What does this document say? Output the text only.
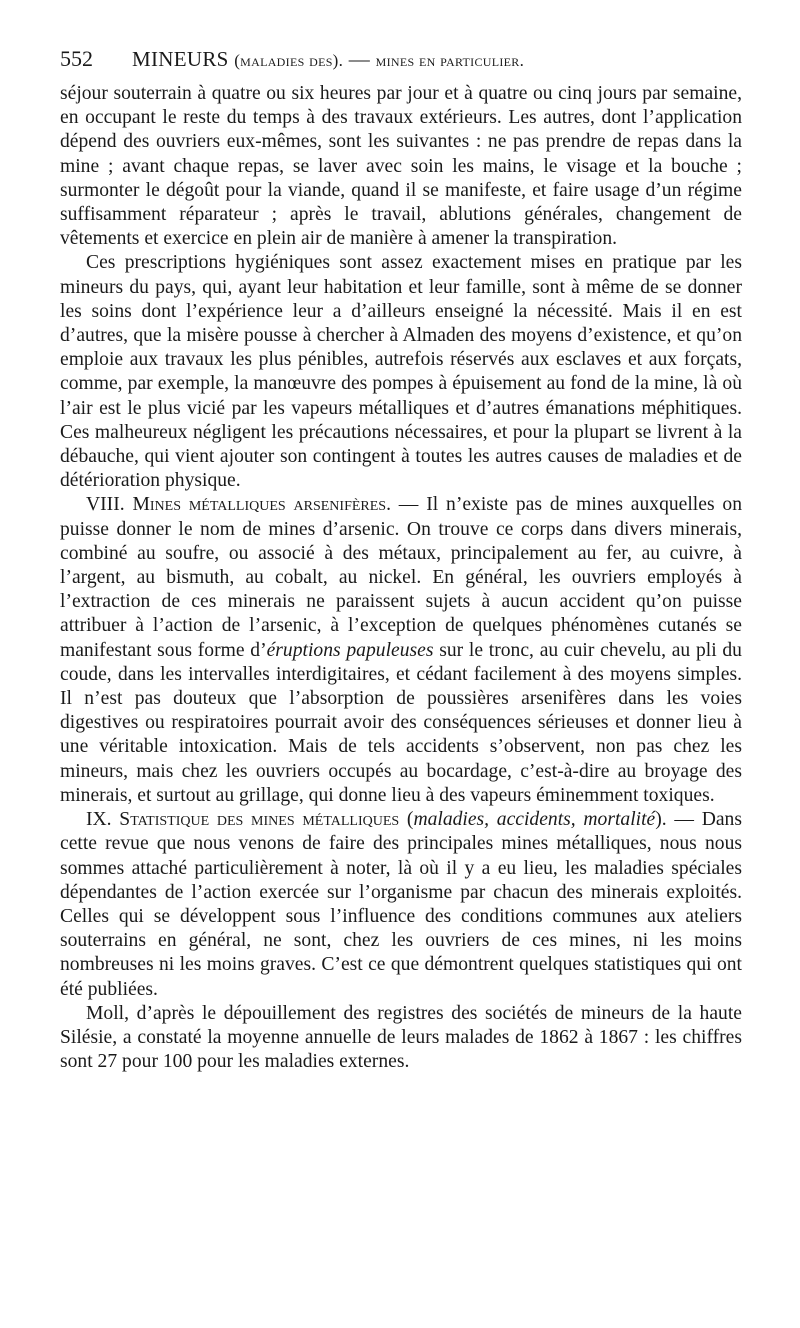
552	MINEURS (maladies des). — mines en particulier.

séjour souterrain à quatre ou six heures par jour et à quatre ou cinq jours par semaine, en occupant le reste du temps à des travaux extérieurs. Les autres, dont l’application dépend des ouvriers eux-mêmes, sont les suivantes : ne pas prendre de repas dans la mine ; avant chaque repas, se laver avec soin les mains, le visage et la bouche ; surmonter le dégoût pour la viande, quand il se manifeste, et faire usage d’un régime suffisamment réparateur ; après le travail, ablutions générales, changement de vêtements et exercice en plein air de manière à amener la transpiration.

Ces prescriptions hygiéniques sont assez exactement mises en pratique par les mineurs du pays, qui, ayant leur habitation et leur famille, sont à même de se donner les soins dont l’expérience leur a d’ailleurs enseigné la nécessité. Mais il en est d’autres, que la misère pousse à chercher à Almaden des moyens d’existence, et qu’on emploie aux travaux les plus pénibles, autrefois réservés aux esclaves et aux forçats, comme, par exemple, la manœuvre des pompes à épuisement au fond de la mine, là où l’air est le plus vicié par les vapeurs métalliques et d’autres émanations méphitiques. Ces malheureux négligent les précautions nécessaires, et pour la plupart se livrent à la débauche, qui vient ajouter son contingent à toutes les autres causes de maladies et de détérioration physique.

VIII. Mines métalliques arsenifères. — Il n’existe pas de mines auxquelles on puisse donner le nom de mines d’arsenic. On trouve ce corps dans divers minerais, combiné au soufre, ou associé à des métaux, principalement au fer, au cuivre, à l’argent, au bismuth, au cobalt, au nickel. En général, les ouvriers employés à l’extraction de ces minerais ne paraissent sujets à aucun accident qu’on puisse attribuer à l’action de l’arsenic, à l’exception de quelques phénomènes cutanés se manifestant sous forme d’éruptions papuleuses sur le tronc, au cuir chevelu, au pli du coude, dans les intervalles interdigitaires, et cédant facilement à des moyens simples. Il n’est pas douteux que l’absorption de poussières arsenifères dans les voies digestives ou respiratoires pourrait avoir des conséquences sérieuses et donner lieu à une véritable intoxication. Mais de tels accidents s’observent, non pas chez les mineurs, mais chez les ouvriers occupés au bocardage, c’est-à-dire au broyage des minerais, et surtout au grillage, qui donne lieu à des vapeurs éminemment toxiques.

IX. Statistique des mines métalliques (maladies, accidents, mortalité). — Dans cette revue que nous venons de faire des principales mines métalliques, nous nous sommes attaché particulièrement à noter, là où il y a eu lieu, les maladies spéciales dépendantes de l’action exercée sur l’organisme par chacun des minerais exploités. Celles qui se développent sous l’influence des conditions communes aux ateliers souterrains en général, ne sont, chez les ouvriers de ces mines, ni les moins nombreuses ni les moins graves. C’est ce que démontrent quelques statistiques qui ont été publiées.

Moll, d’après le dépouillement des registres des sociétés de mineurs de la haute Silésie, a constaté la moyenne annuelle de leurs malades de 1862 à 1867 : les chiffres sont 27 pour 100 pour les maladies externes.
